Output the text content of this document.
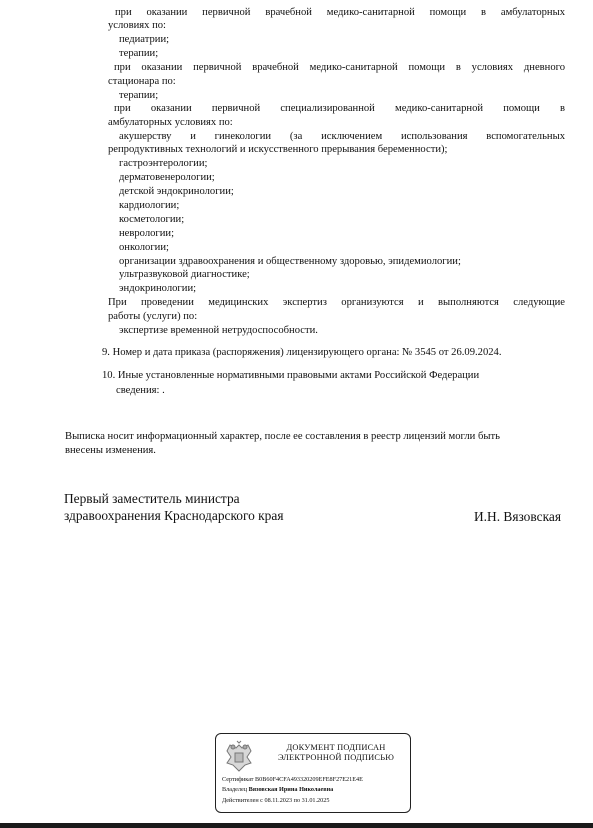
при оказании первичной врачебной медико-санитарной помощи в амбулаторных
условиях по:
педиатрии;
терапии;
при оказании первичной врачебной медико-санитарной помощи в условиях дневного
стационара по:
терапии;
при оказании первичной специализированной медико-санитарной помощи в
амбулаторных условиях по:
акушерству и гинекологии (за исключением использования вспомогательных
репродуктивных технологий и искусственного прерывания беременности);
гастроэнтерологии;
дерматовенерологии;
детской эндокринологии;
кардиологии;
косметологии;
неврологии;
онкологии;
организации здравоохранения и общественному здоровью, эпидемиологии;
ультразвуковой диагностике;
эндокринологии;
При проведении медицинских экспертиз организуются и выполняются следующие
работы (услуги) по:
экспертизе временной нетрудоспособности.
9. Номер и дата приказа (распоряжения) лицензирующего органа: № 3545 от 26.09.2024.
10. Иные установленные нормативными правовыми актами Российской Федерации
сведения: .
Выписка носит информационный характер, после ее составления в реестр лицензий могли быть
внесены изменения.
Первый заместитель министра
здравоохранения Краснодарского края	И.Н. Вязовская
ДОКУМЕНТ ПОДПИСАН
ЭЛЕКТРОННОЙ ПОДПИСЬЮ
Сертификат B0B60F4CFA493320209EFE8F27E21E4E
Владелец Вязовская Ирина Николаевна
Действителен с 08.11.2023 по 31.01.2025
